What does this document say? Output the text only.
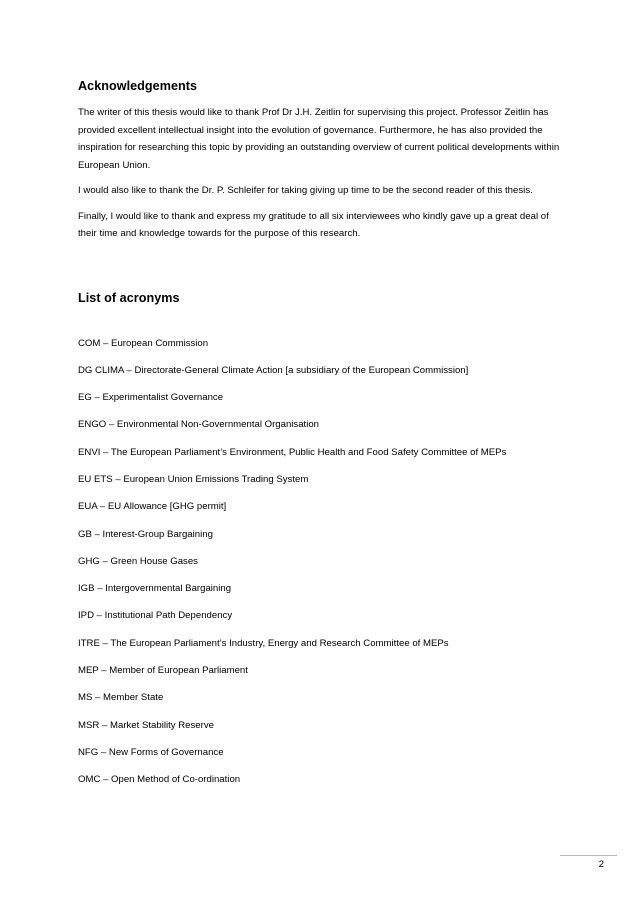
Acknowledgements

The writer of this thesis would like to thank Prof Dr J.H. Zeitlin for supervising this project. Professor Zeitlin has provided excellent intellectual insight into the evolution of governance. Furthermore, he has also provided the inspiration for researching this topic by providing an outstanding overview of current political developments within European Union.

I would also like to thank the Dr. P. Schleifer for taking giving up time to be the second reader of this thesis.

Finally, I would like to thank and express my gratitude to all six interviewees who kindly gave up a great deal of their time and knowledge towards for the purpose of this research.

List of acronyms
COM – European Commission
DG CLIMA – Directorate-General Climate Action [a subsidiary of the European Commission]
EG – Experimentalist Governance
ENGO – Environmental Non-Governmental Organisation
ENVI – The European Parliament’s Environment, Public Health and Food Safety Committee of MEPs
EU ETS – European Union Emissions Trading System
EUA – EU Allowance [GHG permit]
GB – Interest-Group Bargaining
GHG – Green House Gases
IGB – Intergovernmental Bargaining
IPD – Institutional Path Dependency
ITRE – The European Parliament’s Industry, Energy and Research Committee of MEPs
MEP – Member of European Parliament
MS – Member State
MSR – Market Stability Reserve
NFG – New Forms of Governance
OMC – Open Method of Co-ordination
2
